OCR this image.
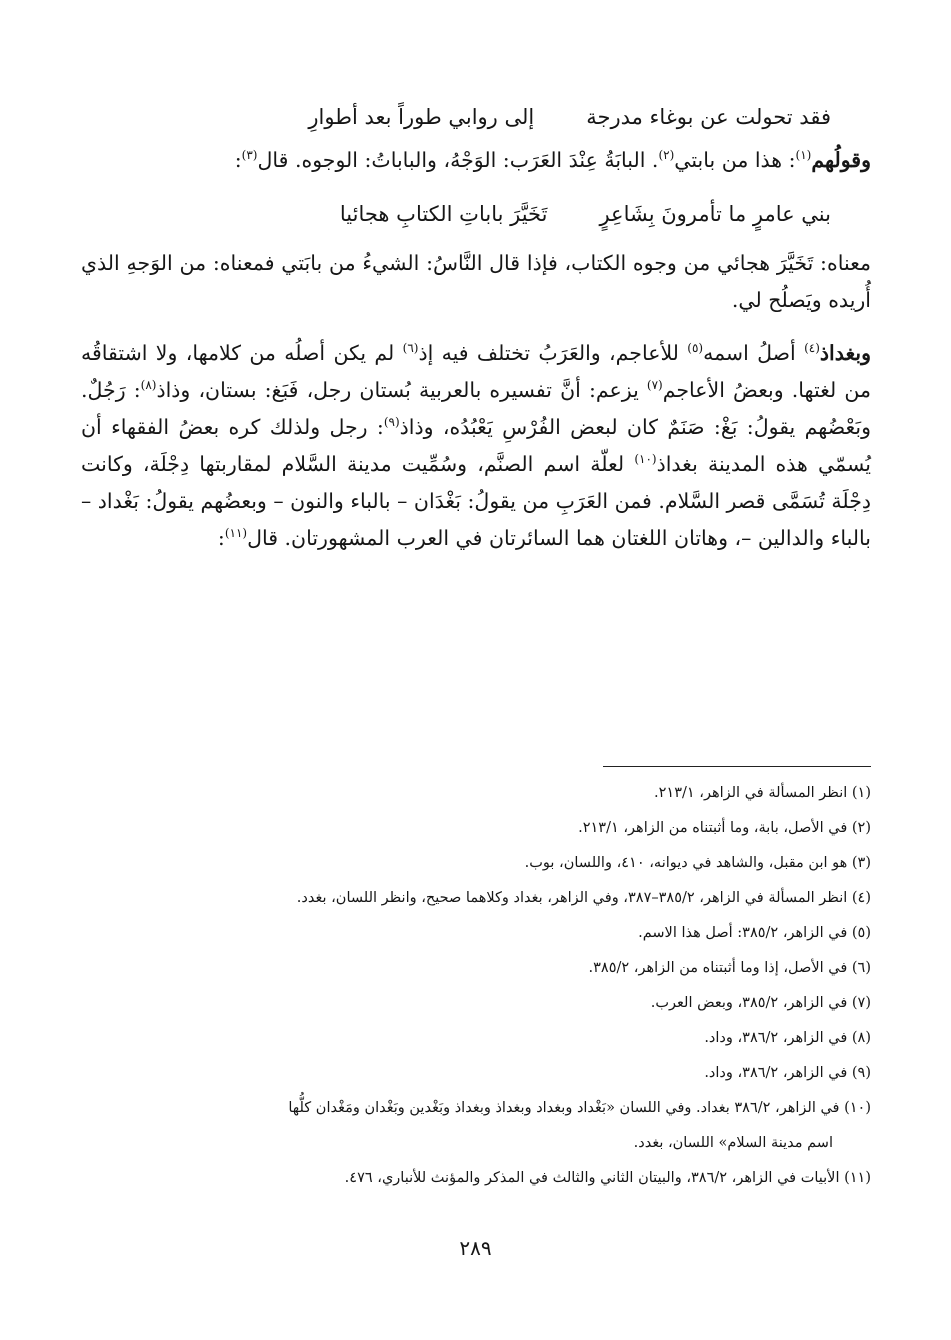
فقد تحولت عن بوغاء مدرجة
إلى روابي طوراً بعد أطوارِ

وقولُهم$^{(١)}$: هذا من بابتي$^{(٢)}$. البابَةُ عِنْدَ العَرَب: الوَجْهُ، والباباتُ: الوجوه. قال$^{(٣)}$:

بني عامرٍ ما تأمرونَ بِشَاعِرٍ
تَخَيَّرَ باباتِ الكتابِ هجائيا

معناه: تَخَيَّرَ هجائي من وجوه الكتاب، فإذا قال النَّاسُ: الشيءُ من بابَتي فمعناه: من الوَجهِ الذي أُريده ويَصلُح لي.

وبغداذ$^{(٤)}$ أصلُ اسمه$^{(٥)}$ للأعاجم، والعَرَبُ تختلف فيه إذ$^{(٦)}$ لم يكن أصلُه من كلامها، ولا اشتقاقُه من لغتها. وبعضُ الأعاجم$^{(٧)}$ يزعم: أنَّ تفسيره بالعربية بُستان رجل، فَبَغ: بستان، وذاذ$^{(٨)}$: رَجُلٌ. وبَعْضُهم يقولُ: بَغْ: صَنَمٌ كان لبعض الفُرْسِ يَعْبُدُه، وذاذ$^{(٩)}$: رجل ولذلك كره بعضُ الفقهاء أن يُسمّي هذه المدينة بغداذ$^{(١٠)}$ لعلّة اسم الصنَّم، وسُمِّيت مدينة السَّلام لمقاربتها دِجْلَة، وكانت دِجْلَة تُسَمَّى قصر السَّلام. فمن العَرَبِ من يقولُ: بَغْدَان – بالباء والنون – وبعضُهم يقولُ: بَغْداد – بالباء والدالين –، وهاتان اللغتان هما السائرتان في العرب المشهورتان. قال$^{(١١)}$:

(١) انظر المسألة في الزاهر، ٢١٣/١.
(٢) في الأصل، بابة، وما أثبتناه من الزاهر، ٢١٣/١.
(٣) هو ابن مقبل، والشاهد في ديوانه، ٤١٠، واللسان، بوب.
(٤) انظر المسألة في الزاهر، ٣٨٥/٢–٣٨٧، وفي الزاهر، بغداد وكلاهما صحيح، وانظر اللسان، بغدد.
(٥) في الزاهر، ٣٨٥/٢: أصل هذا الاسم.
(٦) في الأصل، إذا وما أثبتناه من الزاهر، ٣٨٥/٢.
(٧) في الزاهر، ٣٨٥/٢، وبعض العرب.
(٨) في الزاهر، ٣٨٦/٢، وداد.
(٩) في الزاهر، ٣٨٦/٢، وداد.
(١٠) في الزاهر، ٣٨٦/٢ بغداد. وفي اللسان «بَغْداد وبغداد وبغداذ وبغداذ وبَغْدين وبَغْدان ومَغْدان كلُّها
اسم مدينة السلام» اللسان، بغدد.
(١١) الأبيات في الزاهر، ٣٨٦/٢، والبيتان الثاني والثالث في المذكر والمؤنث للأنباري، ٤٧٦.
٢٨٩
